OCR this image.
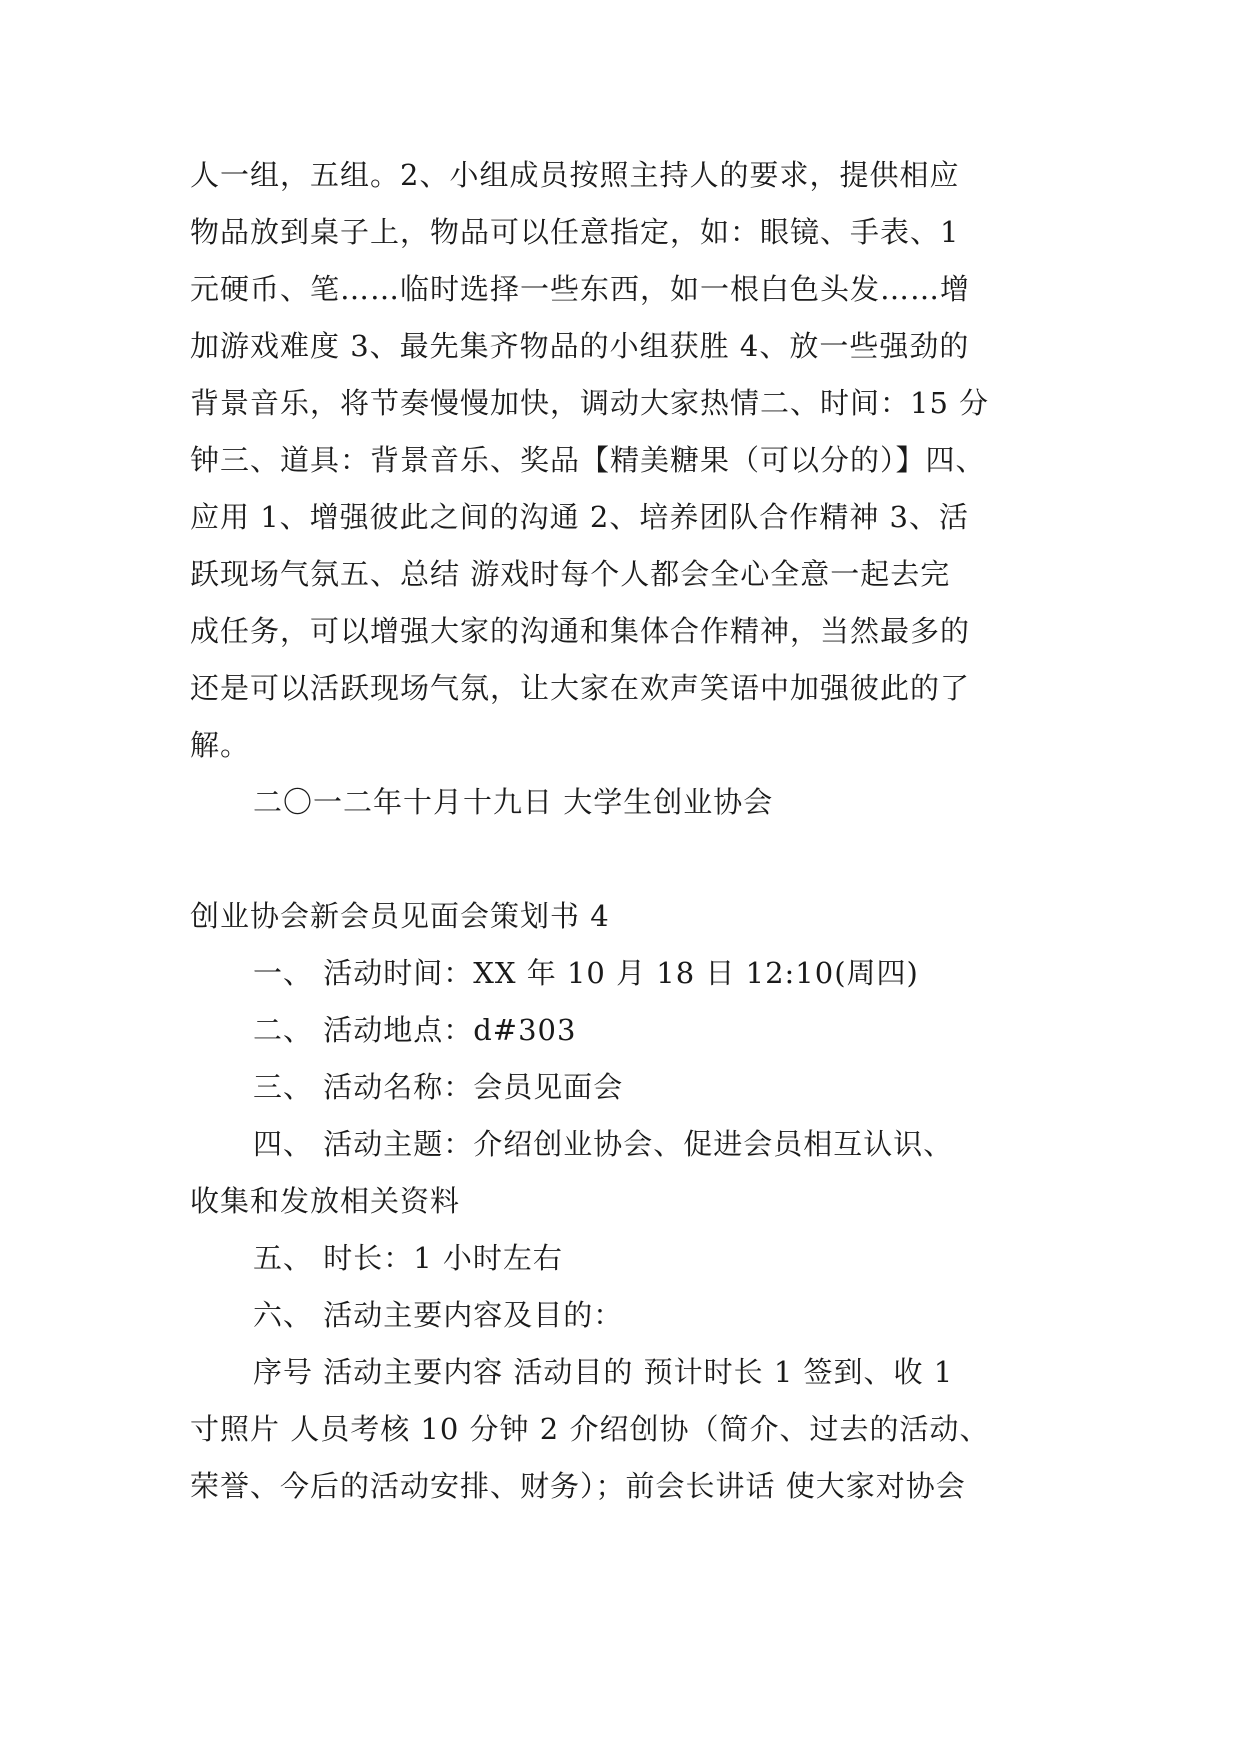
人一组，五组。2、小组成员按照主持人的要求，提供相应
物品放到桌子上，物品可以任意指定，如：眼镜、手表、1
元硬币、笔……临时选择一些东西，如一根白色头发……增
加游戏难度 3、最先集齐物品的小组获胜 4、放一些强劲的
背景音乐，将节奏慢慢加快，调动大家热情二、时间：15 分
钟三、道具：背景音乐、奖品【精美糖果（可以分的）】四、
应用 1、增强彼此之间的沟通 2、培养团队合作精神 3、活
跃现场气氛五、总结 游戏时每个人都会全心全意一起去完
成任务，可以增强大家的沟通和集体合作精神，当然最多的
还是可以活跃现场气氛，让大家在欢声笑语中加强彼此的了
解。
二〇一二年十月十九日 大学生创业协会
创业协会新会员见面会策划书 4
一、 活动时间：XX 年 10 月 18 日 12:10(周四)
二、 活动地点：d#303
三、 活动名称：会员见面会
四、 活动主题：介绍创业协会、促进会员相互认识、
收集和发放相关资料
五、 时长：1 小时左右
六、 活动主要内容及目的：
序号 活动主要内容 活动目的 预计时长 1 签到、收 1
寸照片 人员考核 10 分钟 2 介绍创协（简介、过去的活动、
荣誉、今后的活动安排、财务）；前会长讲话 使大家对协会
